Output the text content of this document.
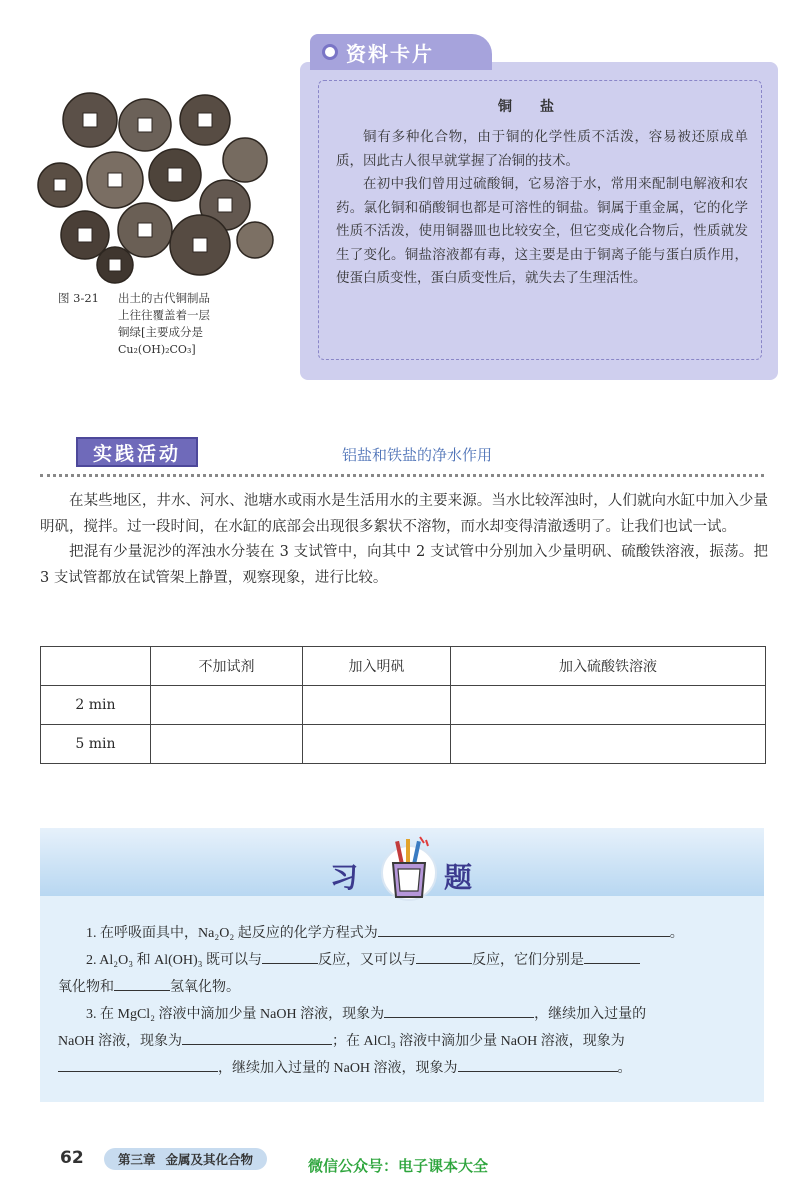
图 3-21 出土的古代铜制品
上往往覆盖着一层
铜绿[主要成分是
Cu₂(OH)₂CO₃]
资料卡片
铜盐

铜有多种化合物，由于铜的化学性质不活泼，容易被还原成单质，因此古人很早就掌握了冶铜的技术。

在初中我们曾用过硫酸铜，它易溶于水，常用来配制电解液和农药。氯化铜和硝酸铜也都是可溶性的铜盐。铜属于重金属，它的化学性质不活泼，使用铜器皿也比较安全，但它变成化合物后，性质就发生了变化。铜盐溶液都有毒，这主要是由于铜离子能与蛋白质作用，使蛋白质变性，蛋白质变性后，就失去了生理活性。

实践活动	铝盐和铁盐的净水作用

在某些地区，井水、河水、池塘水或雨水是生活用水的主要来源。当水比较浑浊时，人们就向水缸中加入少量明矾，搅拌。过一段时间，在水缸的底部会出现很多絮状不溶物，而水却变得清澈透明了。让我们也试一试。

把混有少量泥沙的浑浊水分装在 3 支试管中，向其中 2 支试管中分别加入少量明矾、硫酸铁溶液，振荡。把 3 支试管都放在试管架上静置，观察现象，进行比较。

	不加试剂	加入明矾	加入硫酸铁溶液
2 min			
5 min			
习	题

1. 在呼吸面具中，Na₂O₂ 起反应的化学方程式为	。

2. Al₂O₃ 和 Al(OH)₃ 既可以与	反应，又可以与	反应，它们分别是

氧化物和	氢氧化物。

3. 在 MgCl₂ 溶液中滴加少量 NaOH 溶液，现象为	，继续加入过量的

NaOH 溶液，现象为	；在 AlCl₃ 溶液中滴加少量 NaOH 溶液，现象为

，继续加入过量的 NaOH 溶液，现象为	。

62	第三章 金属及其化合物	微信公众号：电子课本大全
